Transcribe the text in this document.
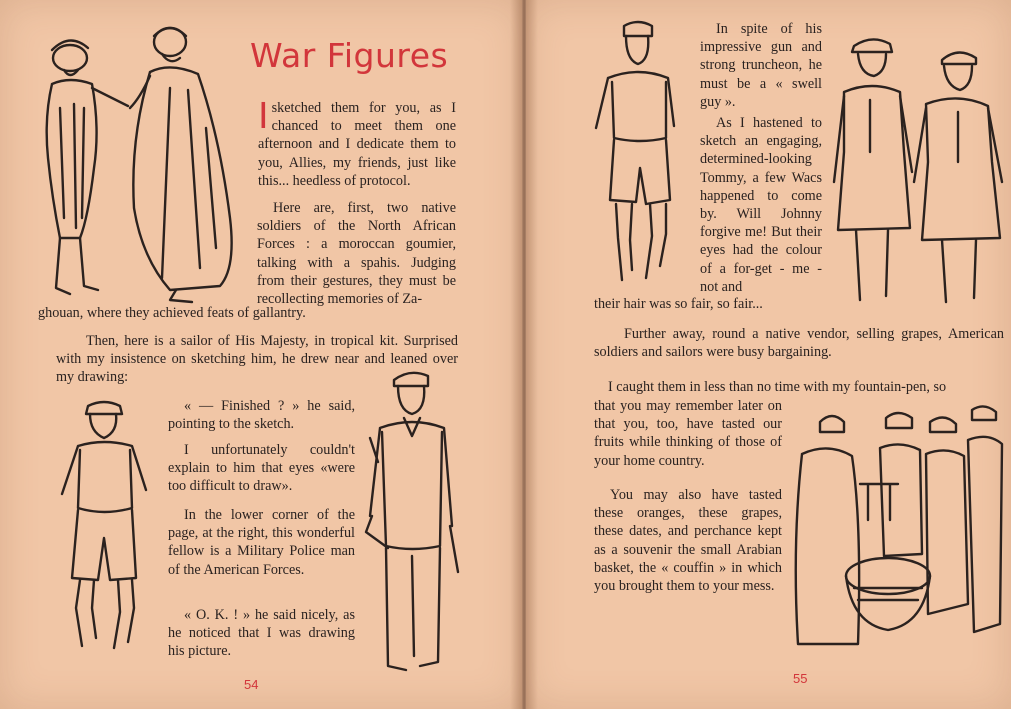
War Figures

Isketched them for you, as I chanced to meet them one afternoon and I dedicate them to you, Allies, my friends, just like this... heedless of protocol.

Here are, first, two native soldiers of the North African Forces : a moroccan goumier, talking with a spahis. Judging from their gestures, they must be recollecting memories of Za-

ghouan, where they achieved feats of gallantry.

Then, here is a sailor of His Majesty, in tropical kit. Surprised with my insistence on sketching him, he drew near and leaned over my drawing:

« — Finished ? » he said, pointing to the sketch.

I unfortunately couldn't explain to him that eyes «were too difficult to draw».

In the lower corner of the page, at the right, this wonderful fellow is a Military Police man of the American Forces.

« O. K. ! » he said nicely, as he noticed that I was drawing his picture.

54

In spite of his impressive gun and strong truncheon, he must be a « swell guy ».

As I hastened to sketch an engaging, determined-looking Tommy, a few Wacs happened to come by. Will Johnny forgive me! But their eyes had the colour of a for-get - me - not and

their hair was so fair, so fair...

Further away, round a native vendor, selling grapes, American soldiers and sailors were busy bargaining.

I caught them in less than no time with my fountain-pen, so

that you may remember later on that you, too, have tasted our fruits while thinking of those of your home country.

You may also have tasted these oranges, these grapes, these dates, and perchance kept as a souvenir the small Arabian basket, the « couffin » in which you brought them to your mess.

55
